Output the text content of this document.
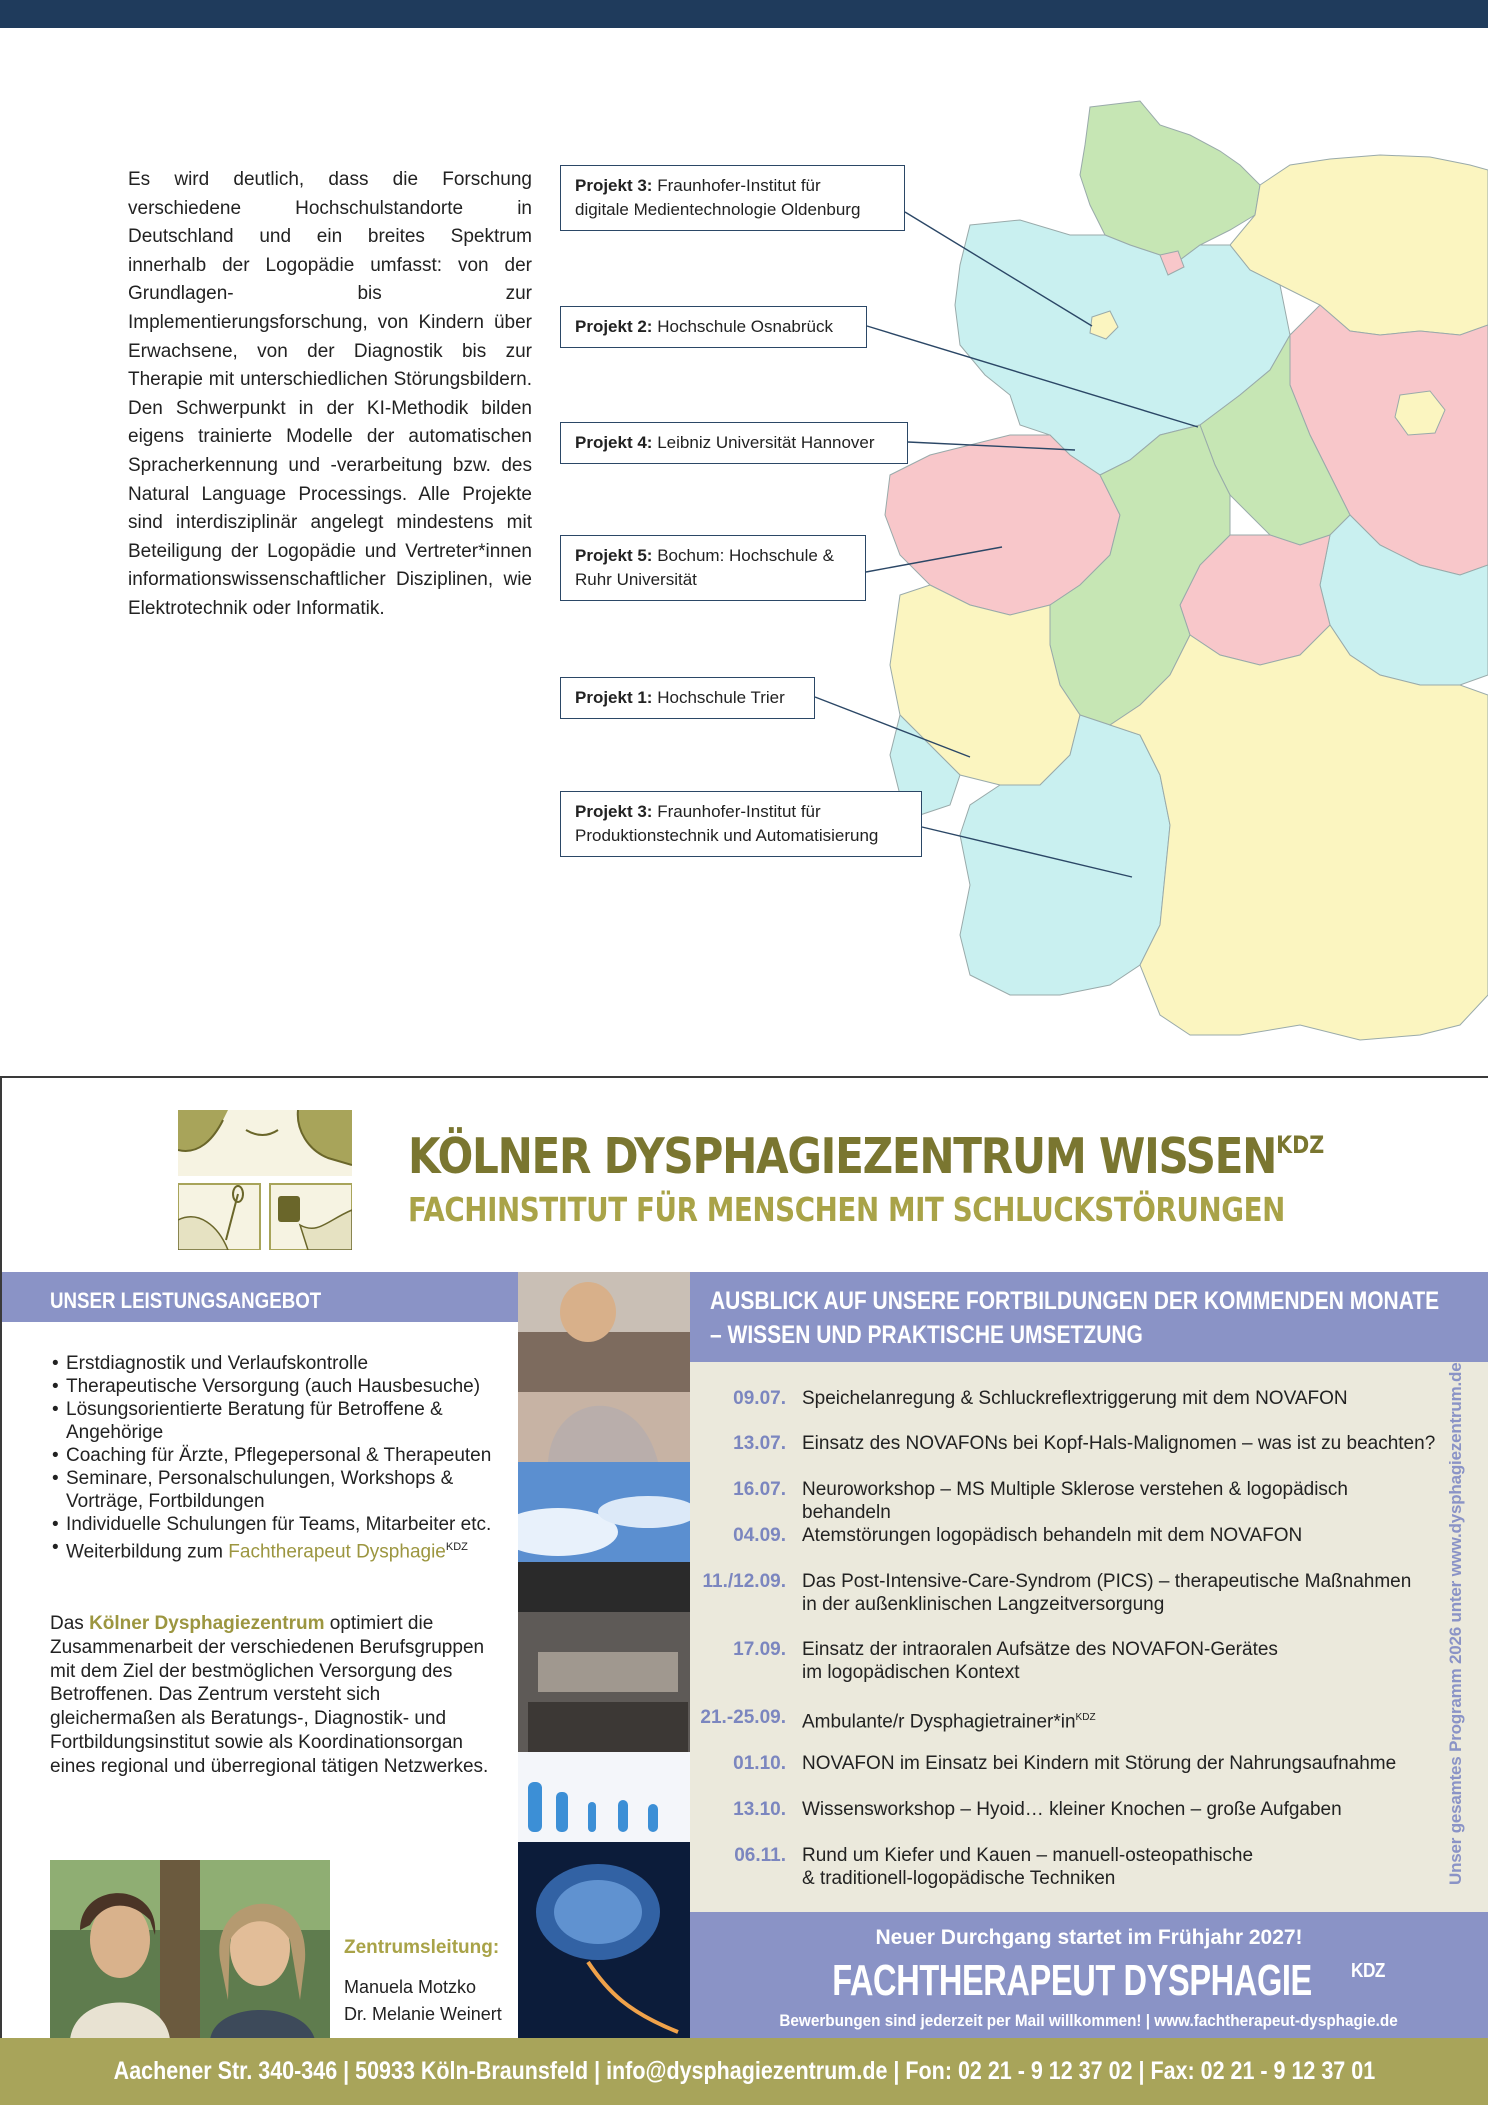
Es wird deutlich, dass die Forschung verschiedene Hochschulstandorte in Deutschland und ein breites Spektrum innerhalb der Logopädie umfasst: von der Grundlagen- bis zur Implementierungsforschung, von Kindern über Erwachsene, von der Diagnostik bis zur Therapie mit unterschiedlichen Störungsbildern. Den Schwerpunkt in der KI-Methodik bilden eigens trainierte Modelle der automatischen Spracherkennung und -verarbeitung bzw. des Natural Language Processings. Alle Projekte sind interdisziplinär angelegt mindestens mit Beteiligung der Logopädie und Vertreter*innen informationswissenschaftlicher Disziplinen, wie Elektrotechnik oder Informatik.

Projekt 3: Fraunhofer-Institut für
digitale Medientechnologie Oldenburg
Projekt 2: Hochschule Osnabrück
Projekt 4: Leibniz Universität Hannover
Projekt 5: Bochum: Hochschule &
Ruhr Universität
Projekt 1: Hochschule Trier
Projekt 3: Fraunhofer-Institut für
Produktionstechnik und Automatisierung
KÖLNER DYSPHAGIEZENTRUM $WISSEN^{KDZ}$
FACHINSTITUT FÜR MENSCHEN MIT SCHLUCKSTÖRUNGEN
UNSER LEISTUNGSANGEBOT
• Erstdiagnostik und Verlaufskontrolle
• Therapeutische Versorgung (auch Hausbesuche)
• Lösungsorientierte Beratung für Betroffene & Angehörige
• Coaching für Ärzte, Pflegepersonal & Therapeuten
• Seminare, Personalschulungen, Workshops & Vorträge, Fortbildungen
• Individuelle Schulungen für Teams, Mitarbeiter etc.
• Weiterbildung zum Fachtherapeut Dysphagie$^{KDZ}$

Das Kölner Dysphagiezentrum optimiert die Zusammenarbeit der verschiedenen Berufsgruppen mit dem Ziel der bestmöglichen Versorgung des Betroffenen. Das Zentrum versteht sich gleichermaßen als Beratungs-, Diagnostik- und Fortbildungsinstitut sowie als Koordinationsorgan eines regional und überregional tätigen Netzwerkes.

Zentrumsleitung:
Manuela Motzko
Dr. Melanie Weinert
AUSBLICK AUF UNSERE FORTBILDUNGEN DER KOMMENDEN MONATE
– WISSEN UND PRAKTISCHE UMSETZUNG
09.07. Speichelanregung & Schluckreflextriggerung mit dem NOVAFON
13.07. Einsatz des NOVAFONs bei Kopf-Hals-Malignomen – was ist zu beachten?
16.07. Neuroworkshop – MS Multiple Sklerose verstehen & logopädisch behandeln
04.09. Atemstörungen logopädisch behandeln mit dem NOVAFON
11./12.09. Das Post-Intensive-Care-Syndrom (PICS) – therapeutische Maßnahmen
in der außenklinischen Langzeitversorgung
17.09. Einsatz der intraoralen Aufsätze des NOVAFON-Gerätes
im logopädischen Kontext
21.-25.09. Ambulante/r $Dysphagietrainer*in^{KDZ}$
01.10. NOVAFON im Einsatz bei Kindern mit Störung der Nahrungsaufnahme
13.10. Wissensworkshop – Hyoid… kleiner Knochen – große Aufgaben
06.11. Rund um Kiefer und Kauen – manuell-osteopathische
& traditionell-logopädische Techniken	Unser gesamtes Programm 2026 unter www.dysphagiezentrum.de
Neuer Durchgang startet im Frühjahr 2027!
FACHTHERAPEUT DYSPHAGIE $^{KDZ}$
Bewerbungen sind jederzeit per Mail willkommen! | www.fachtherapeut-dysphagie.de
Aachener Str. 340-346 | 50933 Köln-Braunsfeld | info@dysphagiezentrum.de | Fon: 02 21 - 9 12 37 02 | Fax: 02 21 - 9 12 37 01
